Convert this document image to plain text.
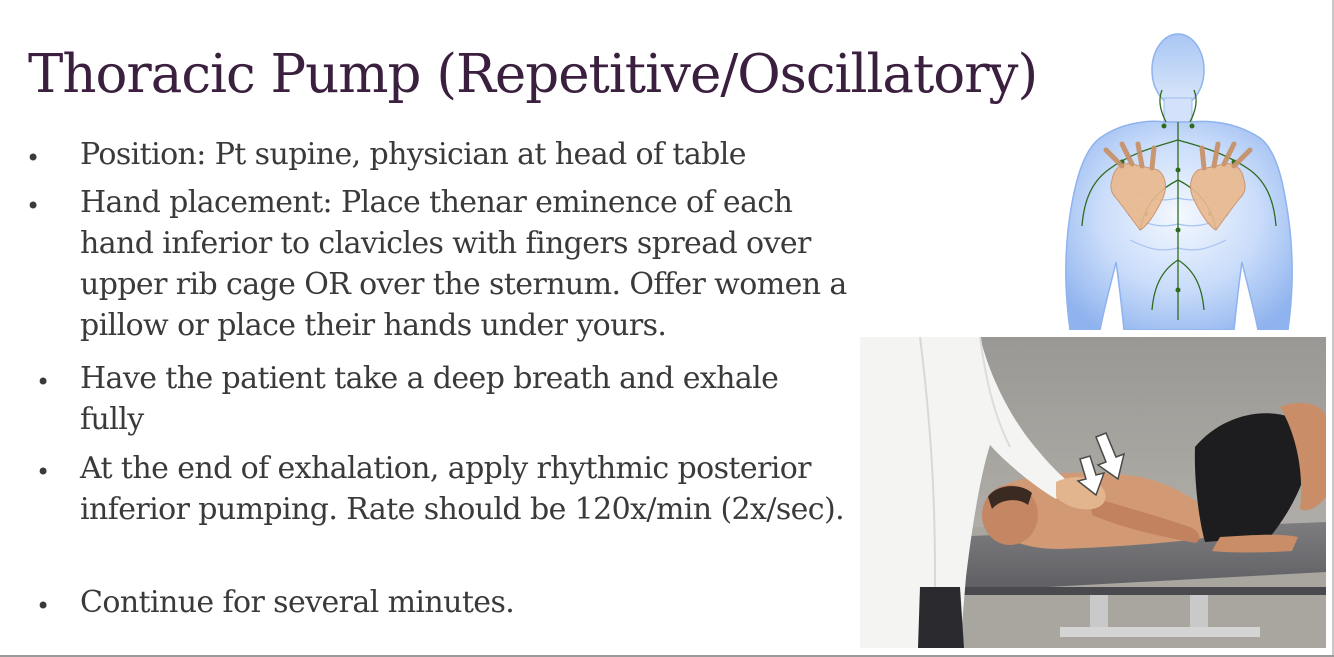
Thoracic Pump (Repetitive/Oscillatory)
• Position: Pt supine, physician at head of table
• Hand placement: Place thenar eminence of each hand inferior to clavicles with fingers spread over upper rib cage OR over the sternum. Offer women a pillow or place their hands under yours.
• Have the patient take a deep breath and exhale fully
• At the end of exhalation, apply rhythmic posterior inferior pumping. Rate should be 120x/min (2x/sec).
• Continue for several minutes.
